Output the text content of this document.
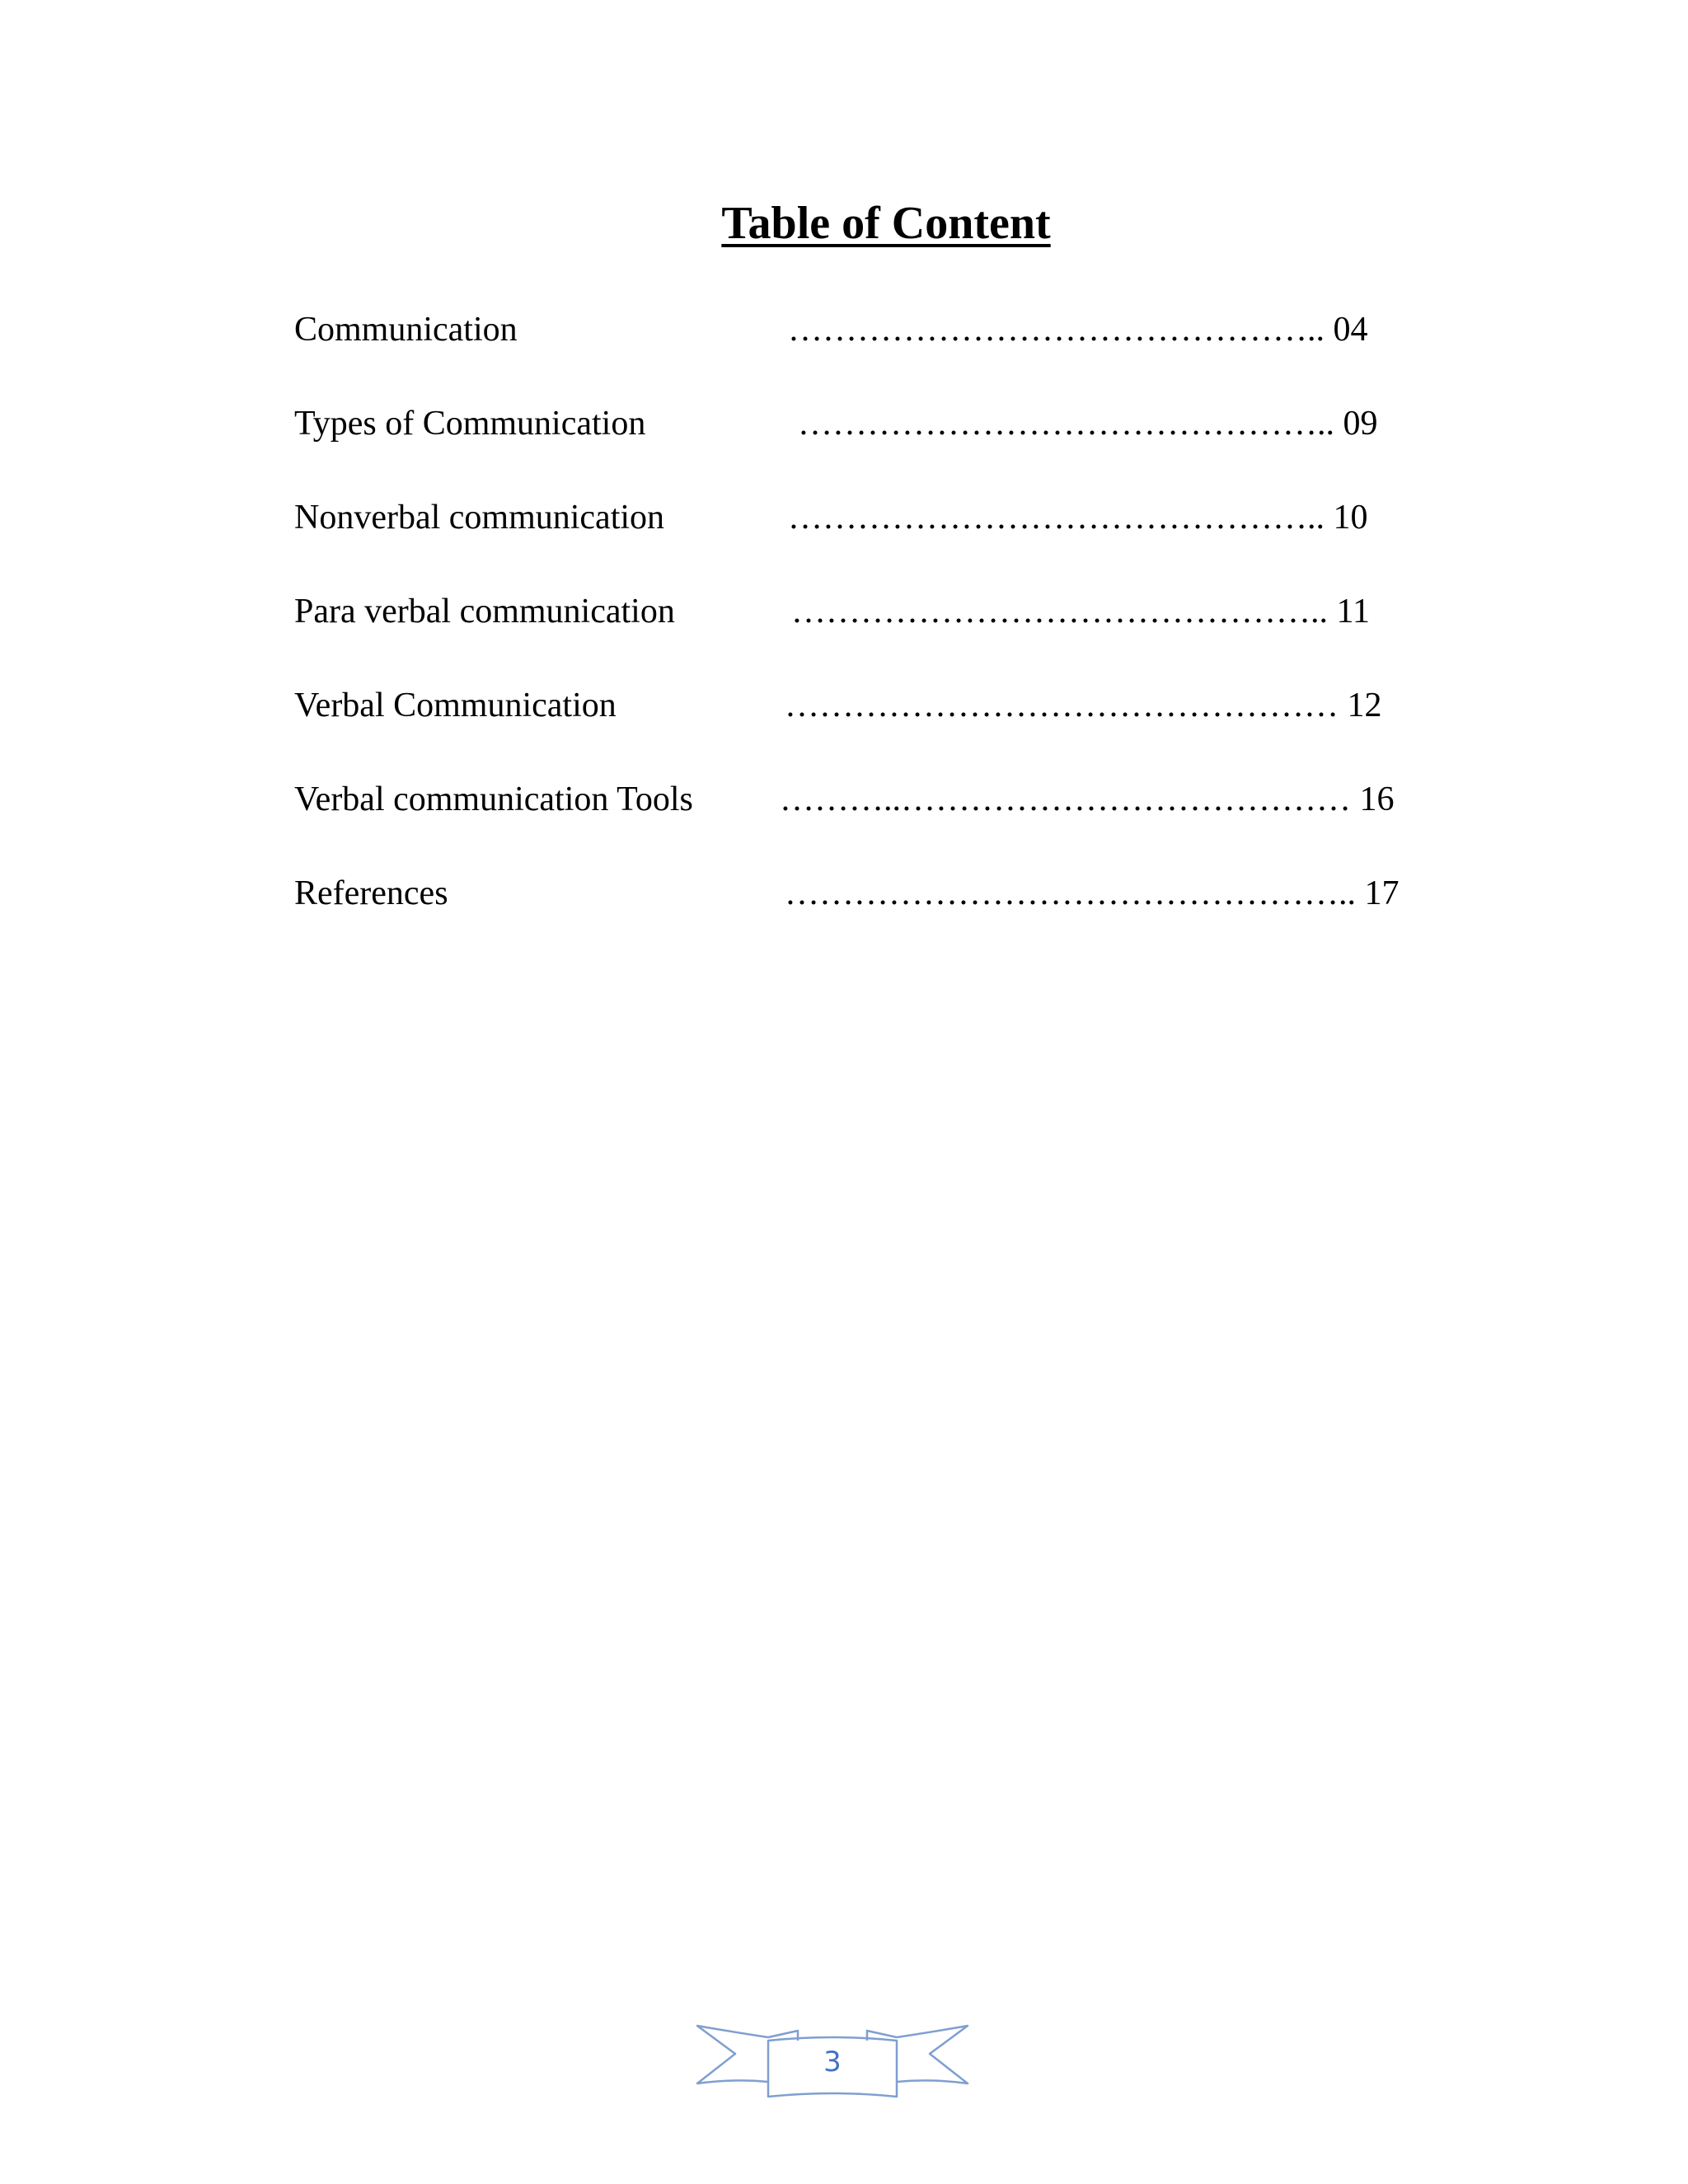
Table of Content
Communication	……………………………………….. 04
Types of Communication	……………………………………….. 09
Nonverbal communication	……………………………………….. 10
Para verbal communication	……………………………………….. 11
Verbal Communication	………………………………………… 12
Verbal communication Tools	………..………………………………… 16
References	………………………………………….. 17
3
